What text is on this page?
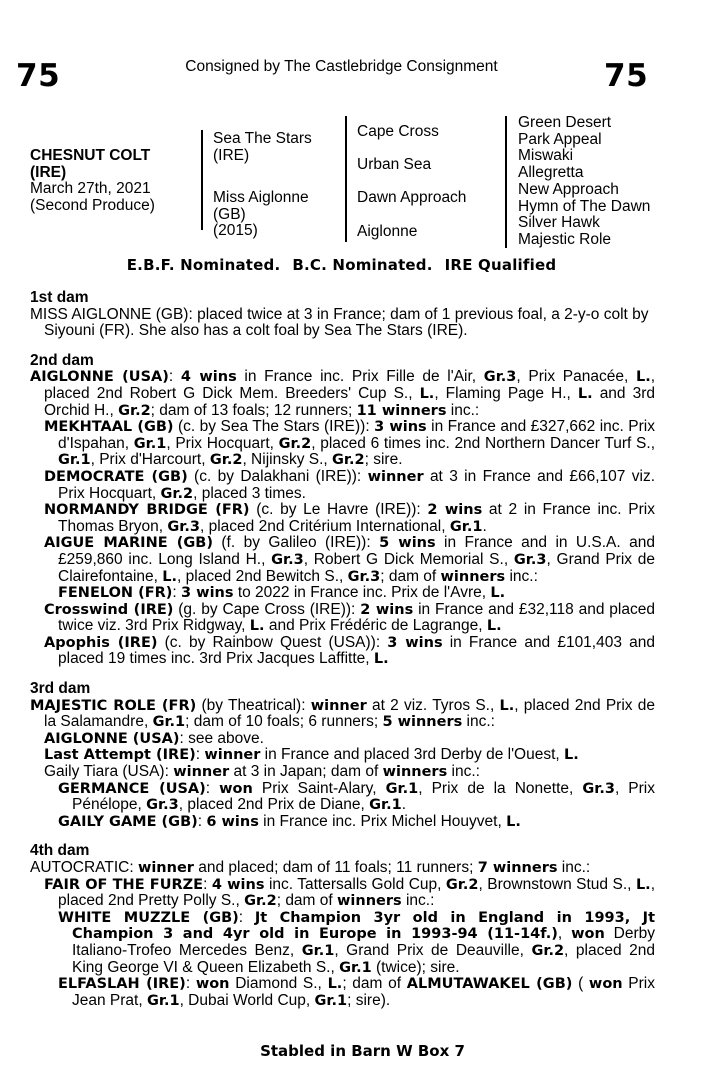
75	Consigned by The Castlebridge Consignment	75
CHESNUT COLT
(IRE)
March 27th, 2021
(Second Produce)
Sea The Stars
(IRE)
Miss Aiglonne
(GB)
(2015)
Cape Cross
Urban Sea
Dawn Approach
Aiglonne
Green Desert
Park Appeal
Miswaki
Allegretta
New Approach
Hymn of The Dawn
Silver Hawk
Majestic Role
E.B.F. Nominated. B.C. Nominated. IRE Qualified
1st dam

MISS AIGLONNE (GB): placed twice at 3 in France; dam of 1 previous foal, a 2-y-o colt by Siyouni (FR). She also has a colt foal by Sea The Stars (IRE).

2nd dam

AIGLONNE (USA): 4 wins in France inc. Prix Fille de l'Air, Gr.3, Prix Panacée, L., placed 2nd Robert G Dick Mem. Breeders' Cup S., L., Flaming Page H., L. and 3rd Orchid H., Gr.2; dam of 13 foals; 12 runners; 11 winners inc.:

MEKHTAAL (GB) (c. by Sea The Stars (IRE)): 3 wins in France and £327,662 inc. Prix d'Ispahan, Gr.1, Prix Hocquart, Gr.2, placed 6 times inc. 2nd Northern Dancer Turf S., Gr.1, Prix d'Harcourt, Gr.2, Nijinsky S., Gr.2; sire.

DEMOCRATE (GB) (c. by Dalakhani (IRE)): winner at 3 in France and £66,107 viz. Prix Hocquart, Gr.2, placed 3 times.

NORMANDY BRIDGE (FR) (c. by Le Havre (IRE)): 2 wins at 2 in France inc. Prix Thomas Bryon, Gr.3, placed 2nd Critérium International, Gr.1.

AIGUE MARINE (GB) (f. by Galileo (IRE)): 5 wins in France and in U.S.A. and £259,860 inc. Long Island H., Gr.3, Robert G Dick Memorial S., Gr.3, Grand Prix de Clairefontaine, L., placed 2nd Bewitch S., Gr.3; dam of winners inc.:

FENELON (FR): 3 wins to 2022 in France inc. Prix de l'Avre, L.

Crosswind (IRE) (g. by Cape Cross (IRE)): 2 wins in France and £32,118 and placed twice viz. 3rd Prix Ridgway, L. and Prix Frédéric de Lagrange, L.

Apophis (IRE) (c. by Rainbow Quest (USA)): 3 wins in France and £101,403 and placed 19 times inc. 3rd Prix Jacques Laffitte, L.

3rd dam

MAJESTIC ROLE (FR) (by Theatrical): winner at 2 viz. Tyros S., L., placed 2nd Prix de la Salamandre, Gr.1; dam of 10 foals; 6 runners; 5 winners inc.:

AIGLONNE (USA): see above.

Last Attempt (IRE): winner in France and placed 3rd Derby de l'Ouest, L.

Gaily Tiara (USA): winner at 3 in Japan; dam of winners inc.:

GERMANCE (USA): won Prix Saint-Alary, Gr.1, Prix de la Nonette, Gr.3, Prix Pénélope, Gr.3, placed 2nd Prix de Diane, Gr.1.

GAILY GAME (GB): 6 wins in France inc. Prix Michel Houyvet, L.

4th dam

AUTOCRATIC: winner and placed; dam of 11 foals; 11 runners; 7 winners inc.:

FAIR OF THE FURZE: 4 wins inc. Tattersalls Gold Cup, Gr.2, Brownstown Stud S., L., placed 2nd Pretty Polly S., Gr.2; dam of winners inc.:

WHITE MUZZLE (GB): Jt Champion 3yr old in England in 1993, Jt Champion 3 and 4yr old in Europe in 1993-94 (11-14f.), won Derby Italiano-Trofeo Mercedes Benz, Gr.1, Grand Prix de Deauville, Gr.2, placed 2nd King George VI & Queen Elizabeth S., Gr.1 (twice); sire.

ELFASLAH (IRE): won Diamond S., L.; dam of ALMUTAWAKEL (GB) ( won Prix Jean Prat, Gr.1, Dubai World Cup, Gr.1; sire).

Stabled in Barn W Box 7
